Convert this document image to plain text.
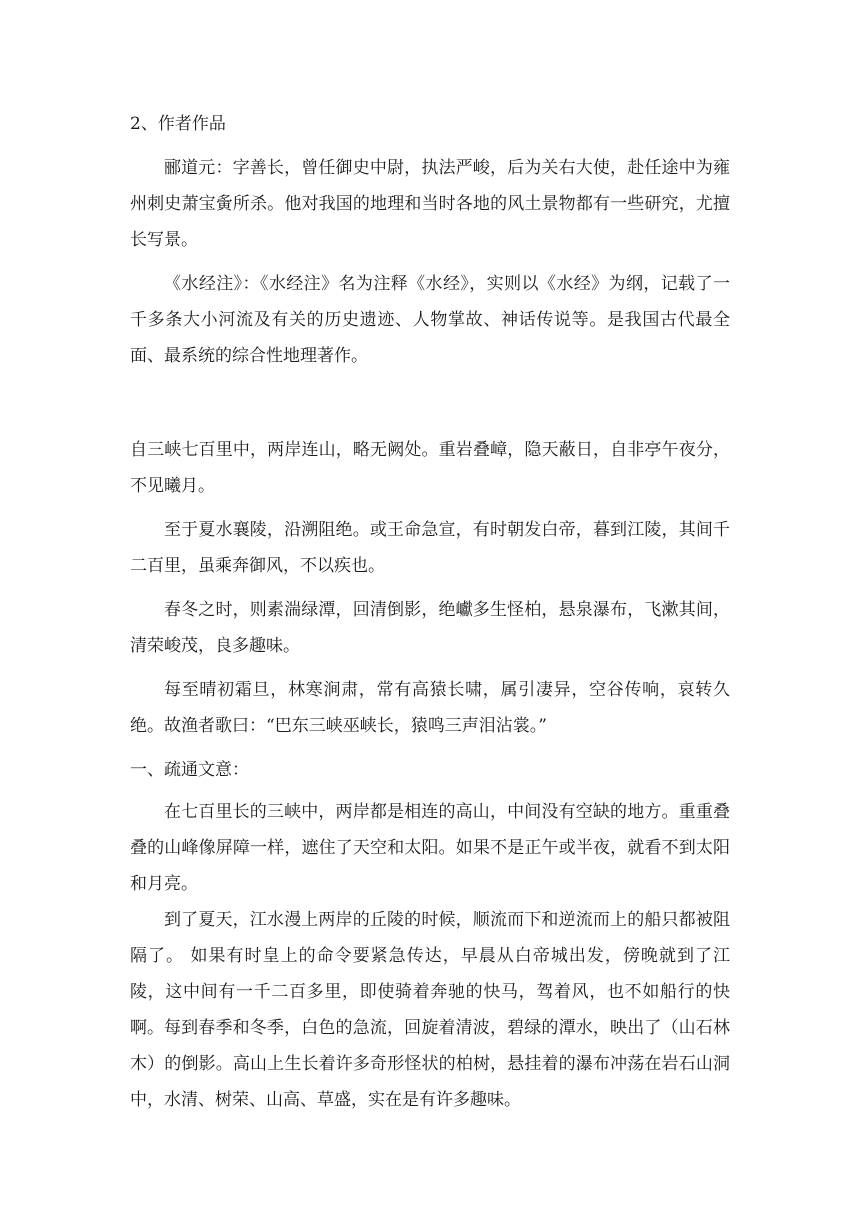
2、作者作品

郦道元：字善长，曾任御史中尉，执法严峻，后为关右大使，赴任途中为雍州刺史萧宝夤所杀。他对我国的地理和当时各地的风土景物都有一些研究，尤擅长写景。

《水经注》：《水经注》名为注释《水经》，实则以《水经》为纲，记载了一千多条大小河流及有关的历史遗迹、人物掌故、神话传说等。是我国古代最全面、最系统的综合性地理著作。

自三峡七百里中，两岸连山，略无阙处。重岩叠嶂，隐天蔽日，自非亭午夜分，不见曦月。

至于夏水襄陵，沿溯阻绝。或王命急宣，有时朝发白帝，暮到江陵，其间千二百里，虽乘奔御风，不以疾也。

春冬之时，则素湍绿潭，回清倒影，绝巘多生怪柏，悬泉瀑布，飞漱其间，清荣峻茂，良多趣味。

每至晴初霜旦，林寒涧肃，常有高猿长啸，属引凄异，空谷传响，哀转久绝。故渔者歌曰：“巴东三峡巫峡长，猿鸣三声泪沾裳。”

一、疏通文意：

在七百里长的三峡中，两岸都是相连的高山，中间没有空缺的地方。重重叠叠的山峰像屏障一样，遮住了天空和太阳。如果不是正午或半夜，就看不到太阳和月亮。

到了夏天，江水漫上两岸的丘陵的时候，顺流而下和逆流而上的船只都被阻隔了。 如果有时皇上的命令要紧急传达，早晨从白帝城出发，傍晚就到了江陵，这中间有一千二百多里，即使骑着奔驰的快马，驾着风，也不如船行的快啊。 每到春季和冬季，白色的急流，回旋着清波，碧绿的潭水，映出了（山石林木）的倒影。高山上生长着许多奇形怪状的柏树，悬挂着的瀑布冲荡在岩石山洞中，水清、树荣、山高、草盛，实在是有许多趣味。
